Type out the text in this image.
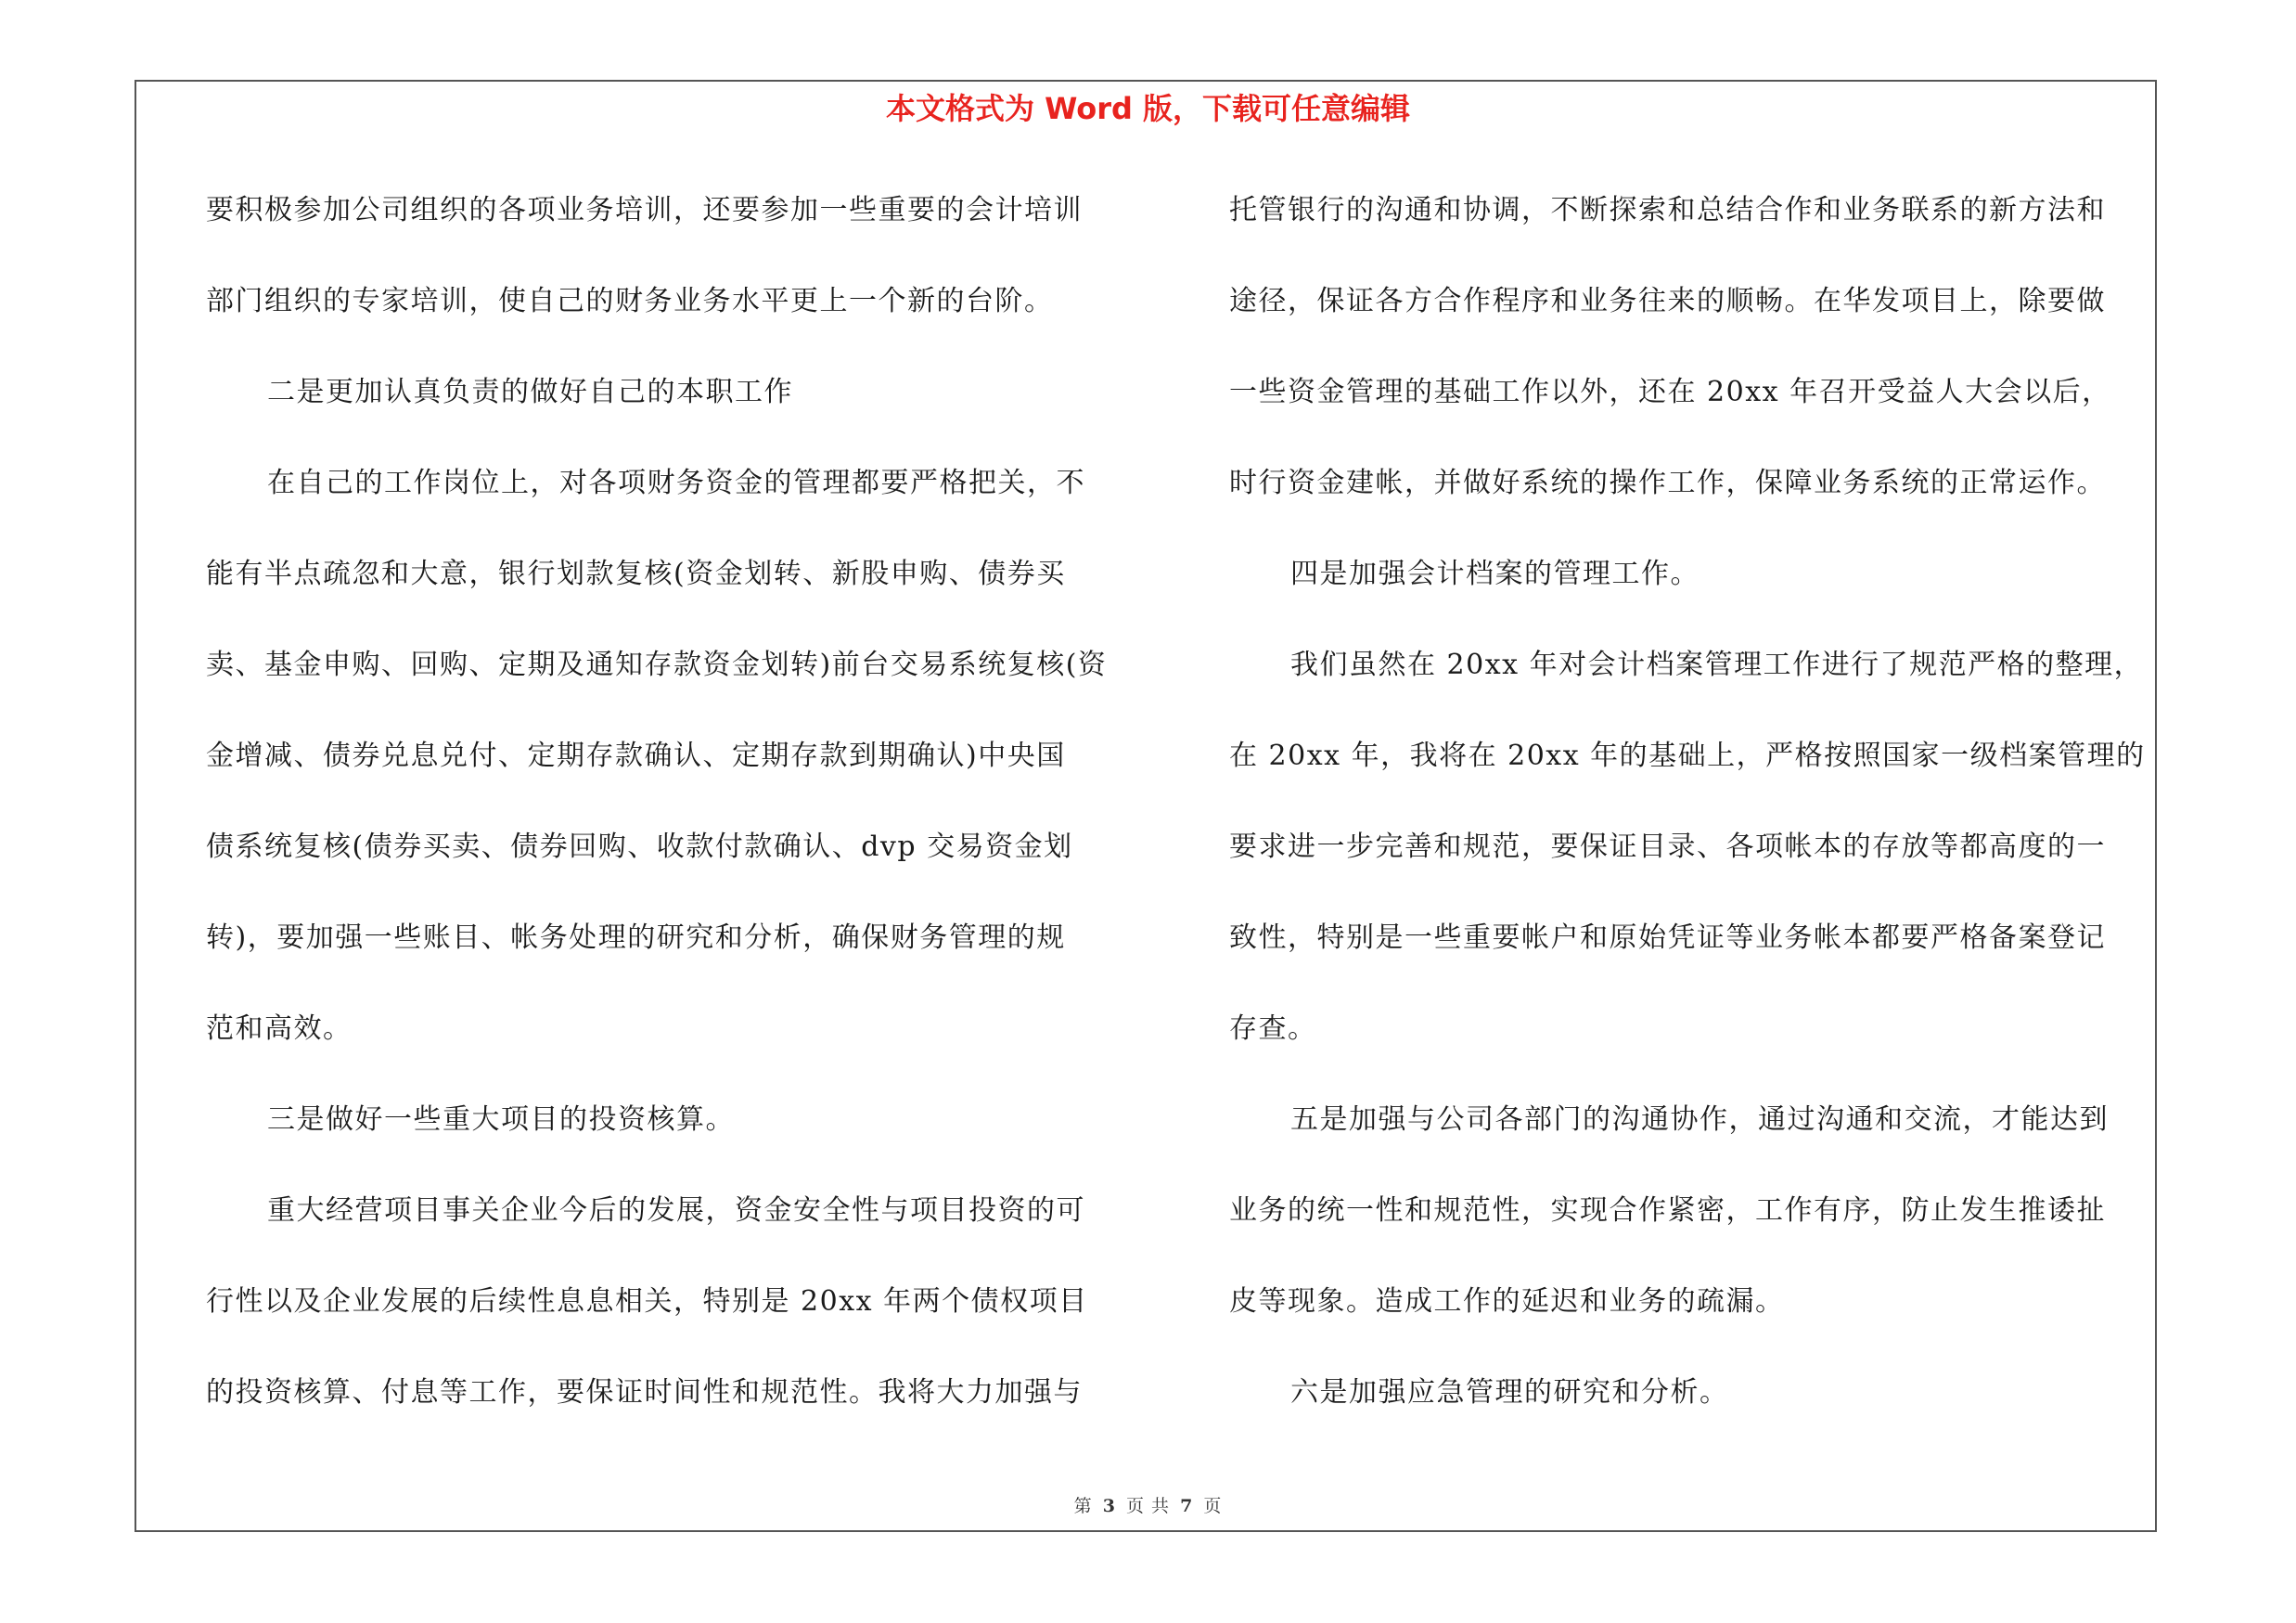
本文格式为 Word 版，下载可任意编辑
要积极参加公司组织的各项业务培训，还要参加一些重要的会计培训
部门组织的专家培训，使自己的财务业务水平更上一个新的台阶。
二是更加认真负责的做好自己的本职工作
在自己的工作岗位上，对各项财务资金的管理都要严格把关，不
能有半点疏忽和大意，银行划款复核(资金划转、新股申购、债券买
卖、基金申购、回购、定期及通知存款资金划转)前台交易系统复核(资
金增减、债券兑息兑付、定期存款确认、定期存款到期确认)中央国
债系统复核(债券买卖、债券回购、收款付款确认、dvp 交易资金划
转)，要加强一些账目、帐务处理的研究和分析，确保财务管理的规
范和高效。
三是做好一些重大项目的投资核算。
重大经营项目事关企业今后的发展，资金安全性与项目投资的可
行性以及企业发展的后续性息息相关，特别是 20xx 年两个债权项目
的投资核算、付息等工作，要保证时间性和规范性。我将大力加强与
托管银行的沟通和协调，不断探索和总结合作和业务联系的新方法和
途径，保证各方合作程序和业务往来的顺畅。在华发项目上，除要做
一些资金管理的基础工作以外，还在 20xx 年召开受益人大会以后，
时行资金建帐，并做好系统的操作工作，保障业务系统的正常运作。
四是加强会计档案的管理工作。
我们虽然在 20xx 年对会计档案管理工作进行了规范严格的整理，
在 20xx 年，我将在 20xx 年的基础上，严格按照国家一级档案管理的
要求进一步完善和规范，要保证目录、各项帐本的存放等都高度的一
致性，特别是一些重要帐户和原始凭证等业务帐本都要严格备案登记
存查。
五是加强与公司各部门的沟通协作，通过沟通和交流，才能达到
业务的统一性和规范性，实现合作紧密，工作有序，防止发生推诿扯
皮等现象。造成工作的延迟和业务的疏漏。
六是加强应急管理的研究和分析。
第 3 页 共 7 页
